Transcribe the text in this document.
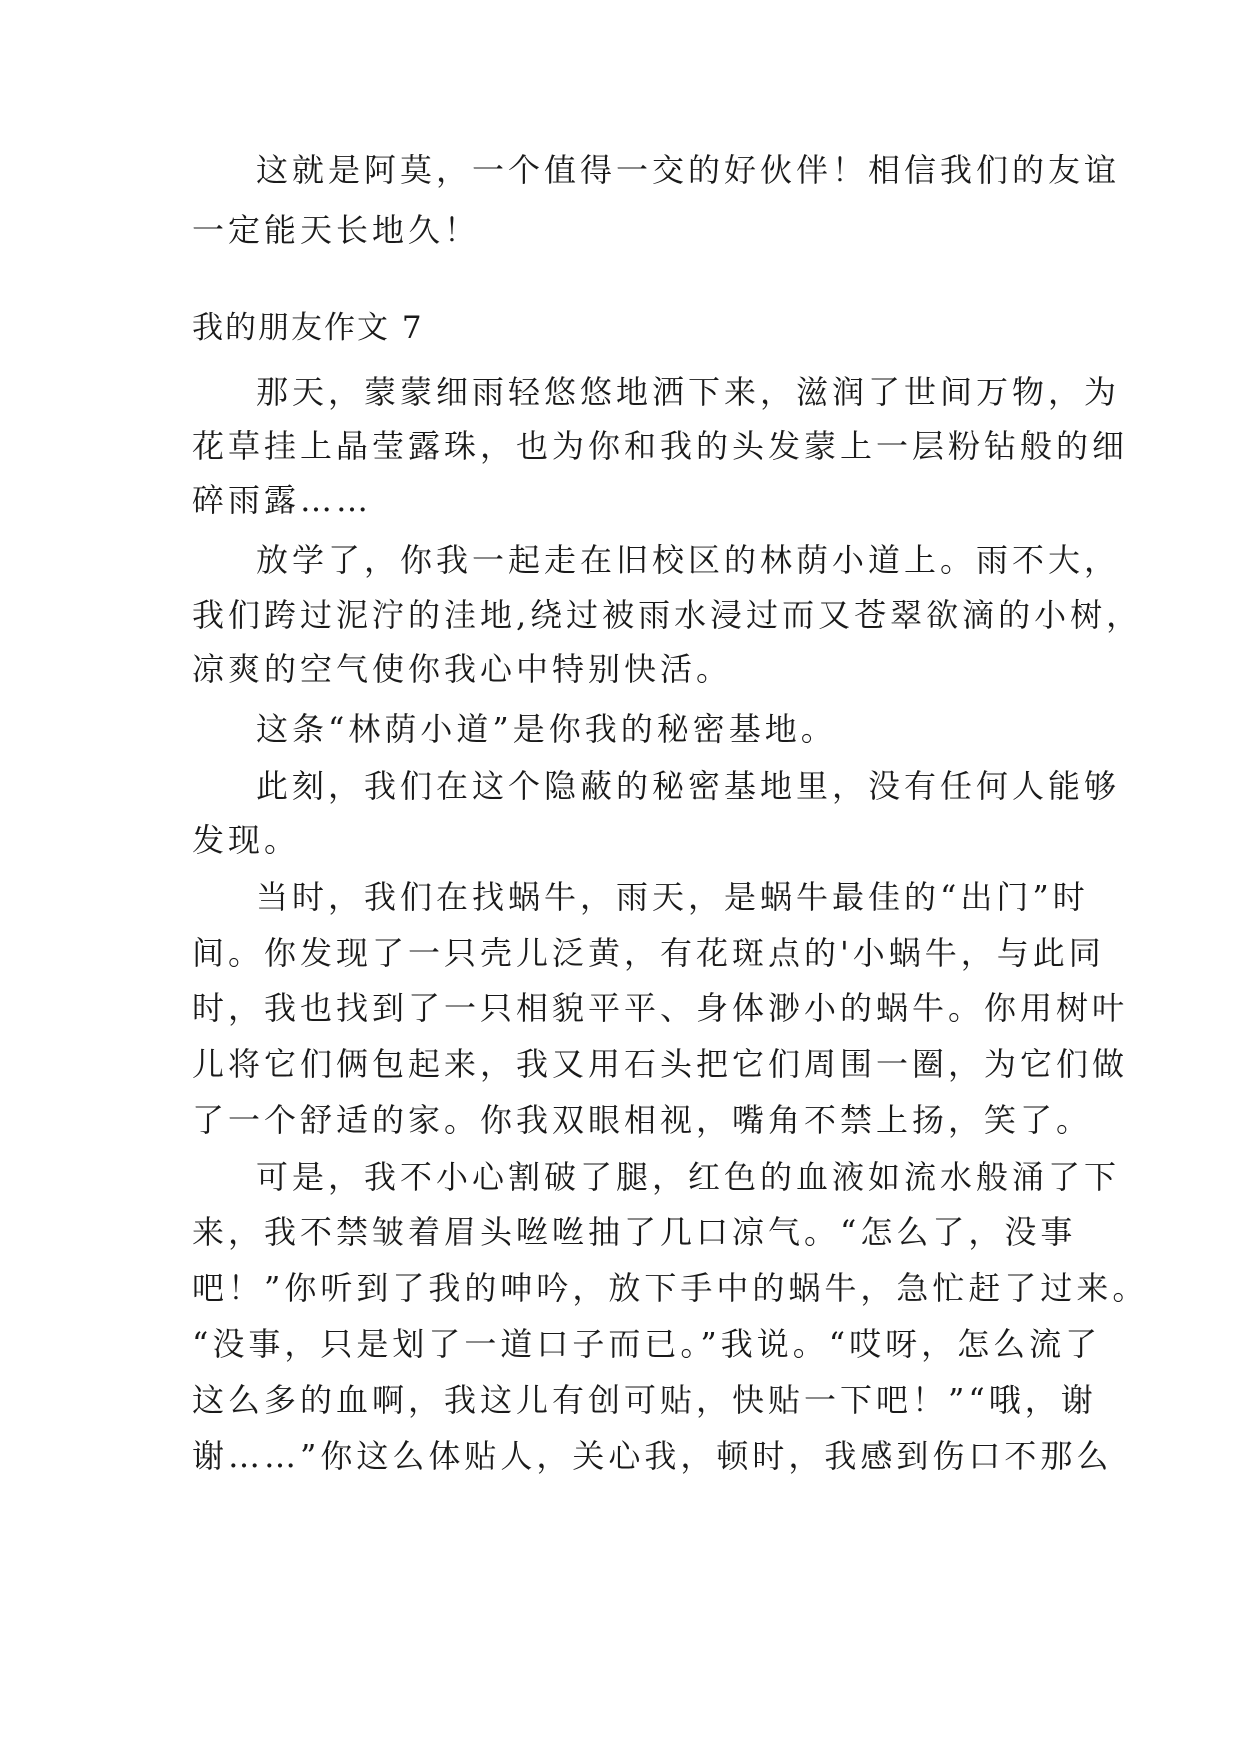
这就是阿莫，一个值得一交的好伙伴！相信我们的友谊
一定能天长地久！
我的朋友作文 7
那天，蒙蒙细雨轻悠悠地洒下来，滋润了世间万物，为
花草挂上晶莹露珠，也为你和我的头发蒙上一层粉钻般的细
碎雨露……
放学了，你我一起走在旧校区的林荫小道上。雨不大，
我们跨过泥泞的洼地,绕过被雨水浸过而又苍翠欲滴的小树，
凉爽的空气使你我心中特别快活。
这条“林荫小道”是你我的秘密基地。
此刻，我们在这个隐蔽的秘密基地里，没有任何人能够
发现。
当时，我们在找蜗牛，雨天，是蜗牛最佳的“出门”时
间。你发现了一只壳儿泛黄，有花斑点的'小蜗牛，与此同
时，我也找到了一只相貌平平、身体渺小的蜗牛。你用树叶
儿将它们俩包起来，我又用石头把它们周围一圈，为它们做
了一个舒适的家。你我双眼相视，嘴角不禁上扬，笑了。
可是，我不小心割破了腿，红色的血液如流水般涌了下
来，我不禁皱着眉头咝咝抽了几口凉气。“怎么了，没事
吧！”你听到了我的呻吟，放下手中的蜗牛，急忙赶了过来。
“没事，只是划了一道口子而已。”我说。“哎呀，怎么流了
这么多的血啊，我这儿有创可贴，快贴一下吧！”“哦，谢
谢……”你这么体贴人，关心我，顿时，我感到伤口不那么
